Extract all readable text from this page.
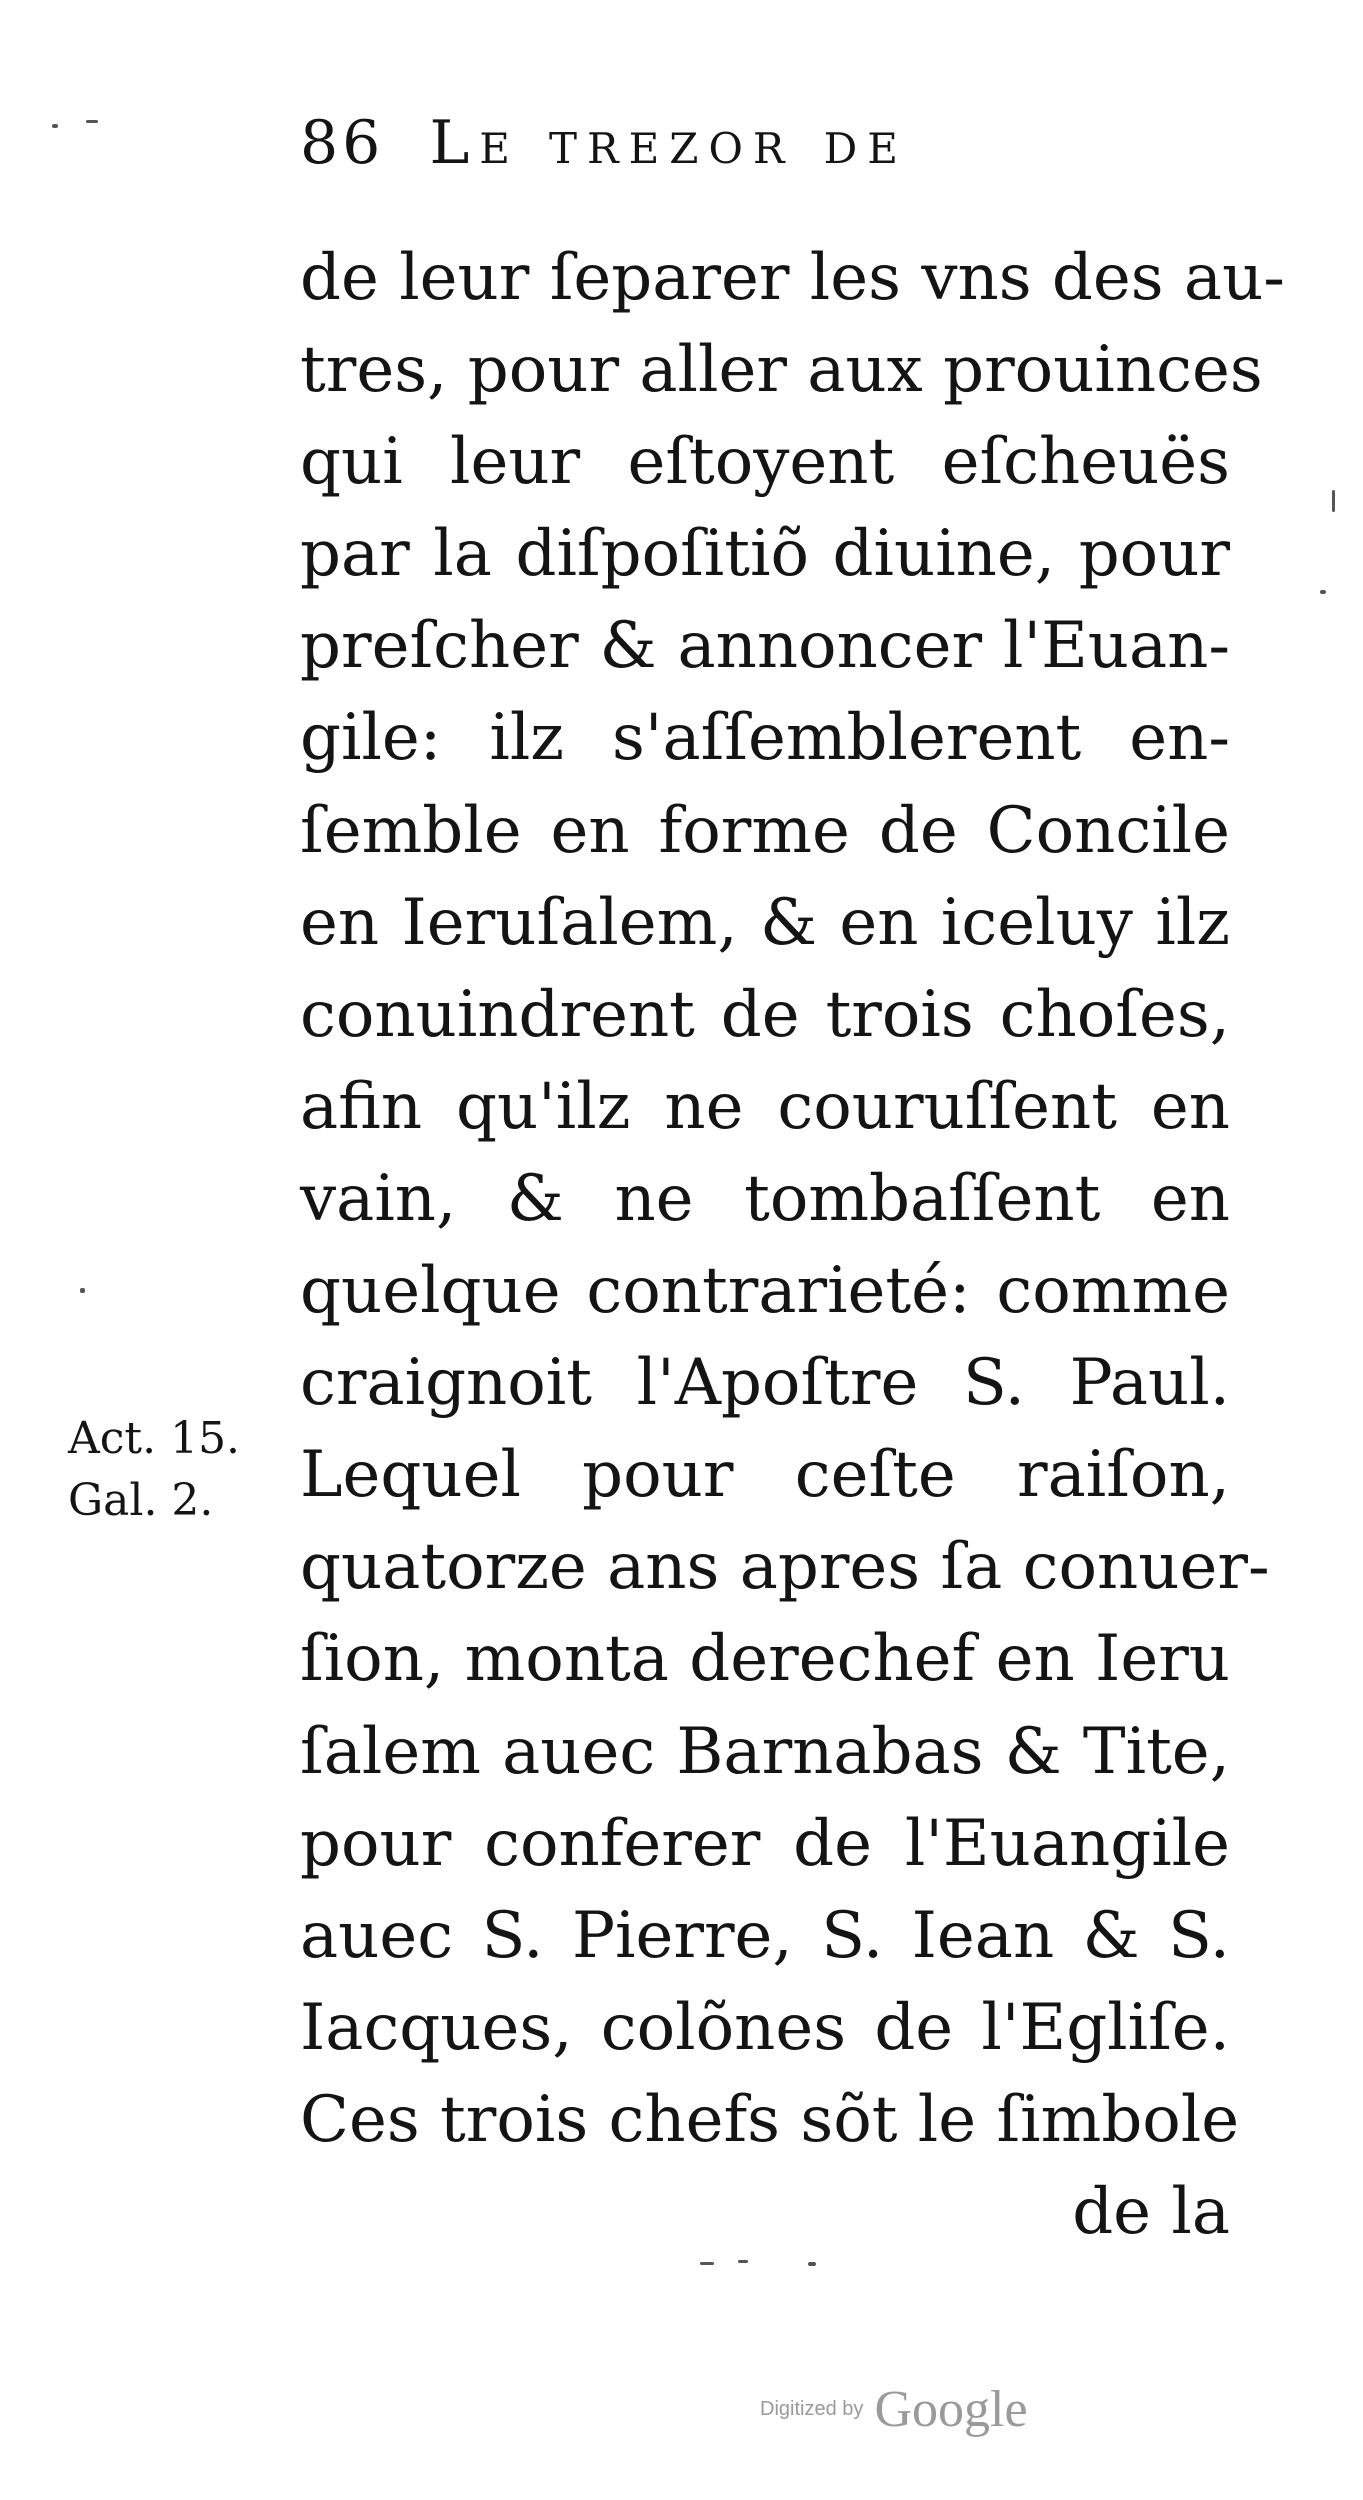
86 Le trezor de
de leur ſeparer les vns des au-
tres, pour aller aux prouinces
qui leur eſtoyent eſcheuës
par la diſpoſitiõ diuine, pour
preſcher & annoncer l'Euan-
gile: ilz s'aſſemblerent en-
ſemble en forme de Concile
en Ieruſalem, & en iceluy ilz
conuindrent de trois choſes,
afin qu'ilz ne couruſſent en
vain, & ne tombaſſent en
quelque contrarieté: comme
craignoit l'Apoſtre S. Paul.
Lequel pour ceſte raiſon,
quatorze ans apres ſa conuer-
ſion, monta derechef en Ieru
ſalem auec Barnabas & Tite,
pour conferer de l'Euangile
auec S. Pierre, S. Iean & S.
Iacques, colõnes de l'Egliſe.
Ces trois chefs sõt le ſimbole
de la
Act. 15.
Gal. 2.
Digitized by Google
